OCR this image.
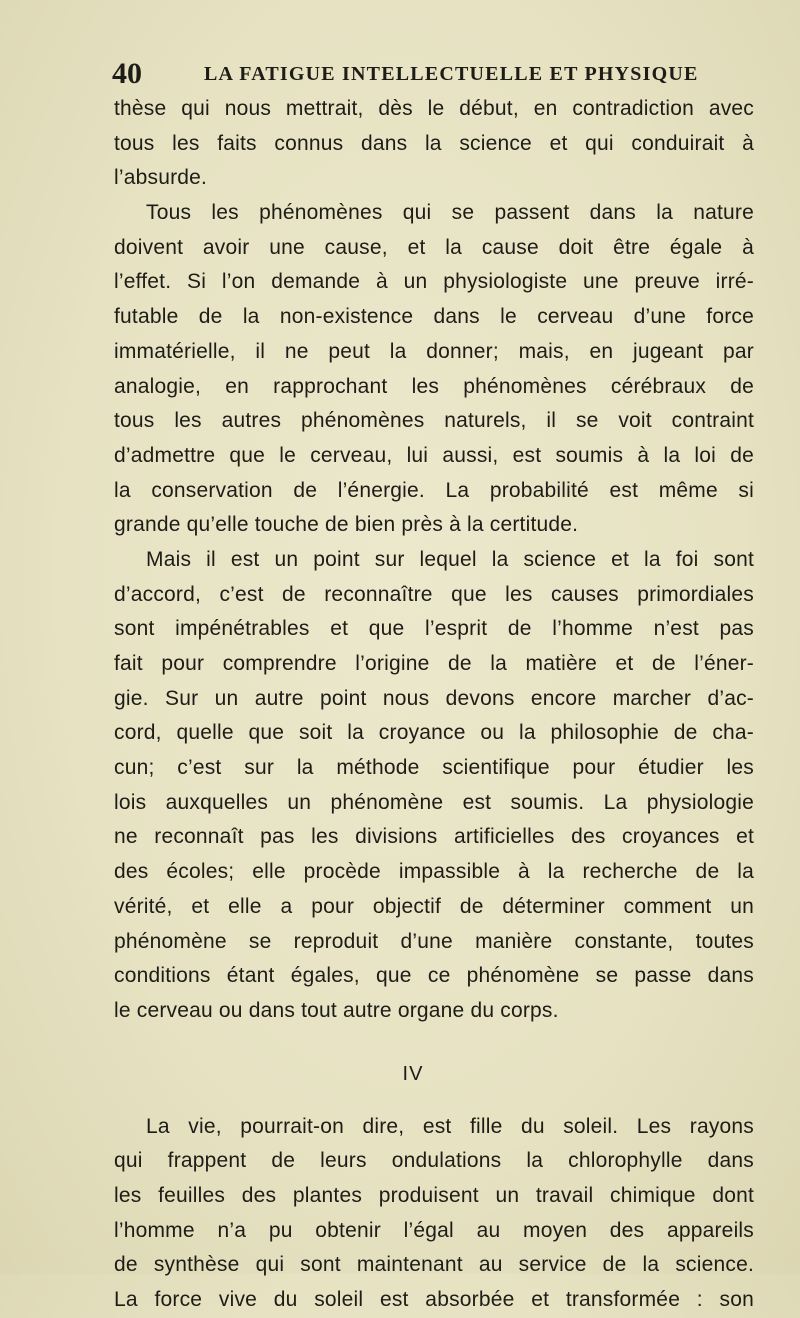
40	LA FATIGUE INTELLECTUELLE ET PHYSIQUE
thèse qui nous mettrait, dès le début, en contradiction avec
tous les faits connus dans la science et qui conduirait à
l’absurde.
Tous les phénomènes qui se passent dans la nature
doivent avoir une cause, et la cause doit être égale à
l’effet. Si l’on demande à un physiologiste une preuve irré-
futable de la non-existence dans le cerveau d’une force
immatérielle, il ne peut la donner; mais, en jugeant par
analogie, en rapprochant les phénomènes cérébraux de
tous les autres phénomènes naturels, il se voit contraint
d’admettre que le cerveau, lui aussi, est soumis à la loi de
la conservation de l’énergie. La probabilité est même si
grande qu’elle touche de bien près à la certitude.
Mais il est un point sur lequel la science et la foi sont
d’accord, c’est de reconnaître que les causes primordiales
sont impénétrables et que l’esprit de l’homme n’est pas
fait pour comprendre l’origine de la matière et de l’éner-
gie. Sur un autre point nous devons encore marcher d’ac-
cord, quelle que soit la croyance ou la philosophie de cha-
cun; c’est sur la méthode scientifique pour étudier les
lois auxquelles un phénomène est soumis. La physiologie
ne reconnaît pas les divisions artificielles des croyances et
des écoles; elle procède impassible à la recherche de la
vérité, et elle a pour objectif de déterminer comment un
phénomène se reproduit d’une manière constante, toutes
conditions étant égales, que ce phénomène se passe dans
le cerveau ou dans tout autre organe du corps.
IV
La vie, pourrait-on dire, est fille du soleil. Les rayons
qui frappent de leurs ondulations la chlorophylle dans
les feuilles des plantes produisent un travail chimique dont
l’homme n’a pu obtenir l’égal au moyen des appareils
de synthèse qui sont maintenant au service de la science.
La force vive du soleil est absorbée et transformée : son
